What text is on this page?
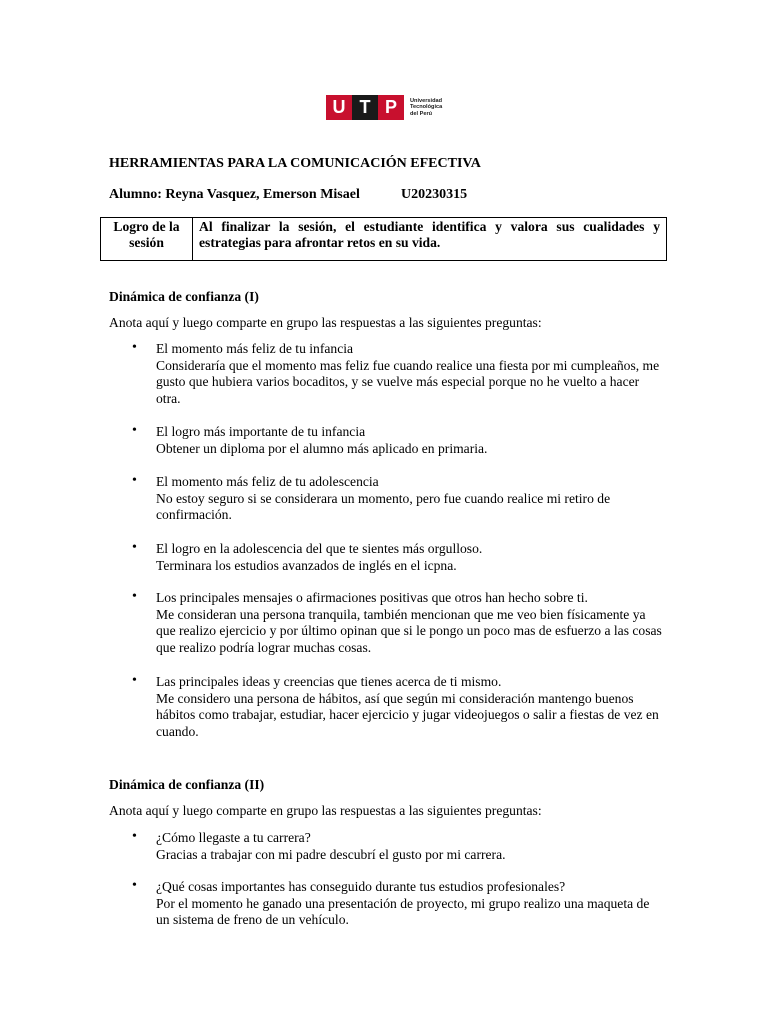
U T P	Universidad
Tecnológica
del Perú
HERRAMIENTAS PARA LA COMUNICACIÓN EFECTIVA
Alumno: Reyna Vasquez, Emerson Misael	U20230315
Logro de la
sesión
Al finalizar la sesión, el estudiante identifica y valora sus cualidades y estrategias para afrontar retos en su vida.
Dinámica de confianza (I)
Anota aquí y luego comparte en grupo las respuestas a las siguientes preguntas:
• El momento más feliz de tu infancia
Consideraría que el momento mas feliz fue cuando realice una fiesta por mi cumpleaños, me gusto que hubiera varios bocaditos, y se vuelve más especial porque no he vuelto a hacer otra.
• El logro más importante de tu infancia
Obtener un diploma por el alumno más aplicado en primaria.
• El momento más feliz de tu adolescencia
No estoy seguro si se considerara un momento, pero fue cuando realice mi retiro de confirmación.
• El logro en la adolescencia del que te sientes más orgulloso.
Terminara los estudios avanzados de inglés en el icpna.
• Los principales mensajes o afirmaciones positivas que otros han hecho sobre ti.
Me consideran una persona tranquila, también mencionan que me veo bien físicamente ya que realizo ejercicio y por último opinan que si le pongo un poco mas de esfuerzo a las cosas que realizo podría lograr muchas cosas.
• Las principales ideas y creencias que tienes acerca de ti mismo.
Me considero una persona de hábitos, así que según mi consideración mantengo buenos hábitos como trabajar, estudiar, hacer ejercicio y jugar videojuegos o salir a fiestas de vez en cuando.
Dinámica de confianza (II)
Anota aquí y luego comparte en grupo las respuestas a las siguientes preguntas:
• ¿Cómo llegaste a tu carrera?
Gracias a trabajar con mi padre descubrí el gusto por mi carrera.
• ¿Qué cosas importantes has conseguido durante tus estudios profesionales?
Por el momento he ganado una presentación de proyecto, mi grupo realizo una maqueta de un sistema de freno de un vehículo.
